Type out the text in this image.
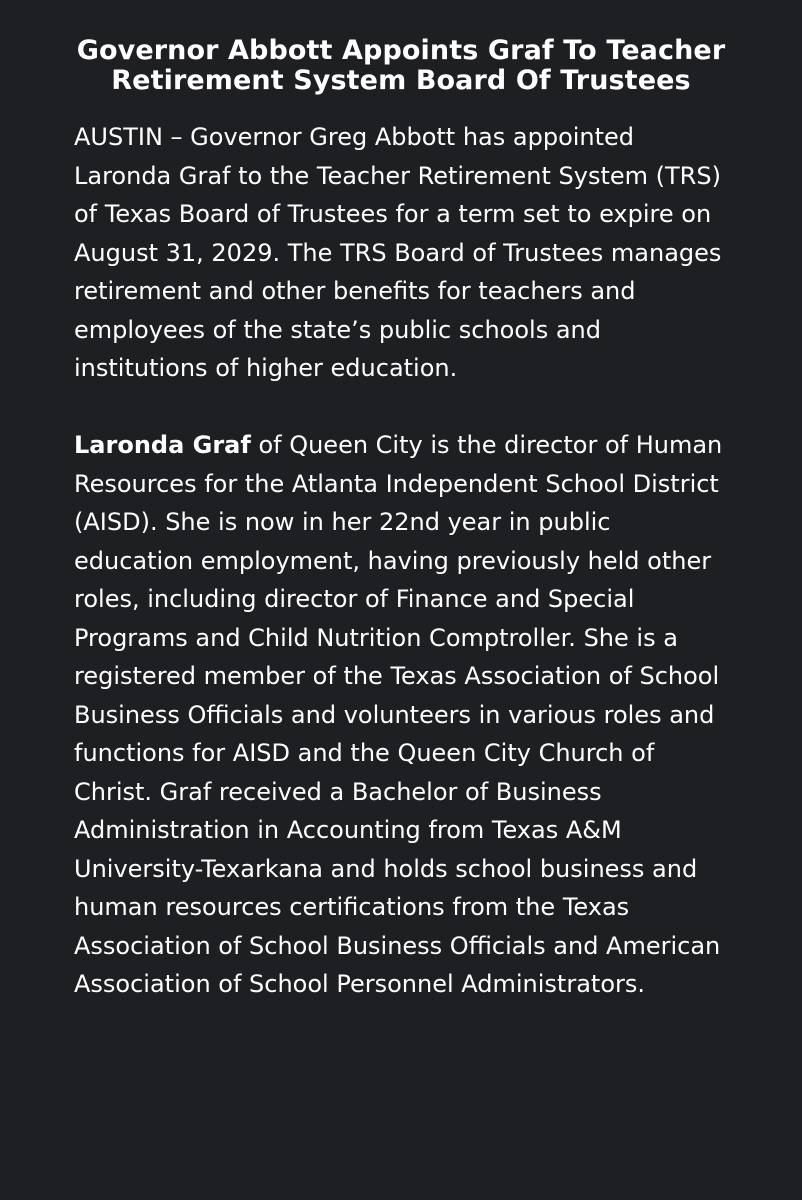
Governor Abbott Appoints Graf To Teacher Retirement System Board Of Trustees

AUSTIN – Governor Greg Abbott has appointed Laronda Graf to the Teacher Retirement System (TRS) of Texas Board of Trustees for a term set to expire on August 31, 2029. The TRS Board of Trustees manages retirement and other benefits for teachers and employees of the state’s public schools and institutions of higher education.

Laronda Graf of Queen City is the director of Human Resources for the Atlanta Independent School District (AISD). She is now in her 22nd year in public education employment, having previously held other roles, including director of Finance and Special Programs and Child Nutrition Comptroller. She is a registered member of the Texas Association of School Business Officials and volunteers in various roles and functions for AISD and the Queen City Church of Christ. Graf received a Bachelor of Business Administration in Accounting from Texas A&M University-Texarkana and holds school business and human resources certifications from the Texas Association of School Business Officials and American Association of School Personnel Administrators.
